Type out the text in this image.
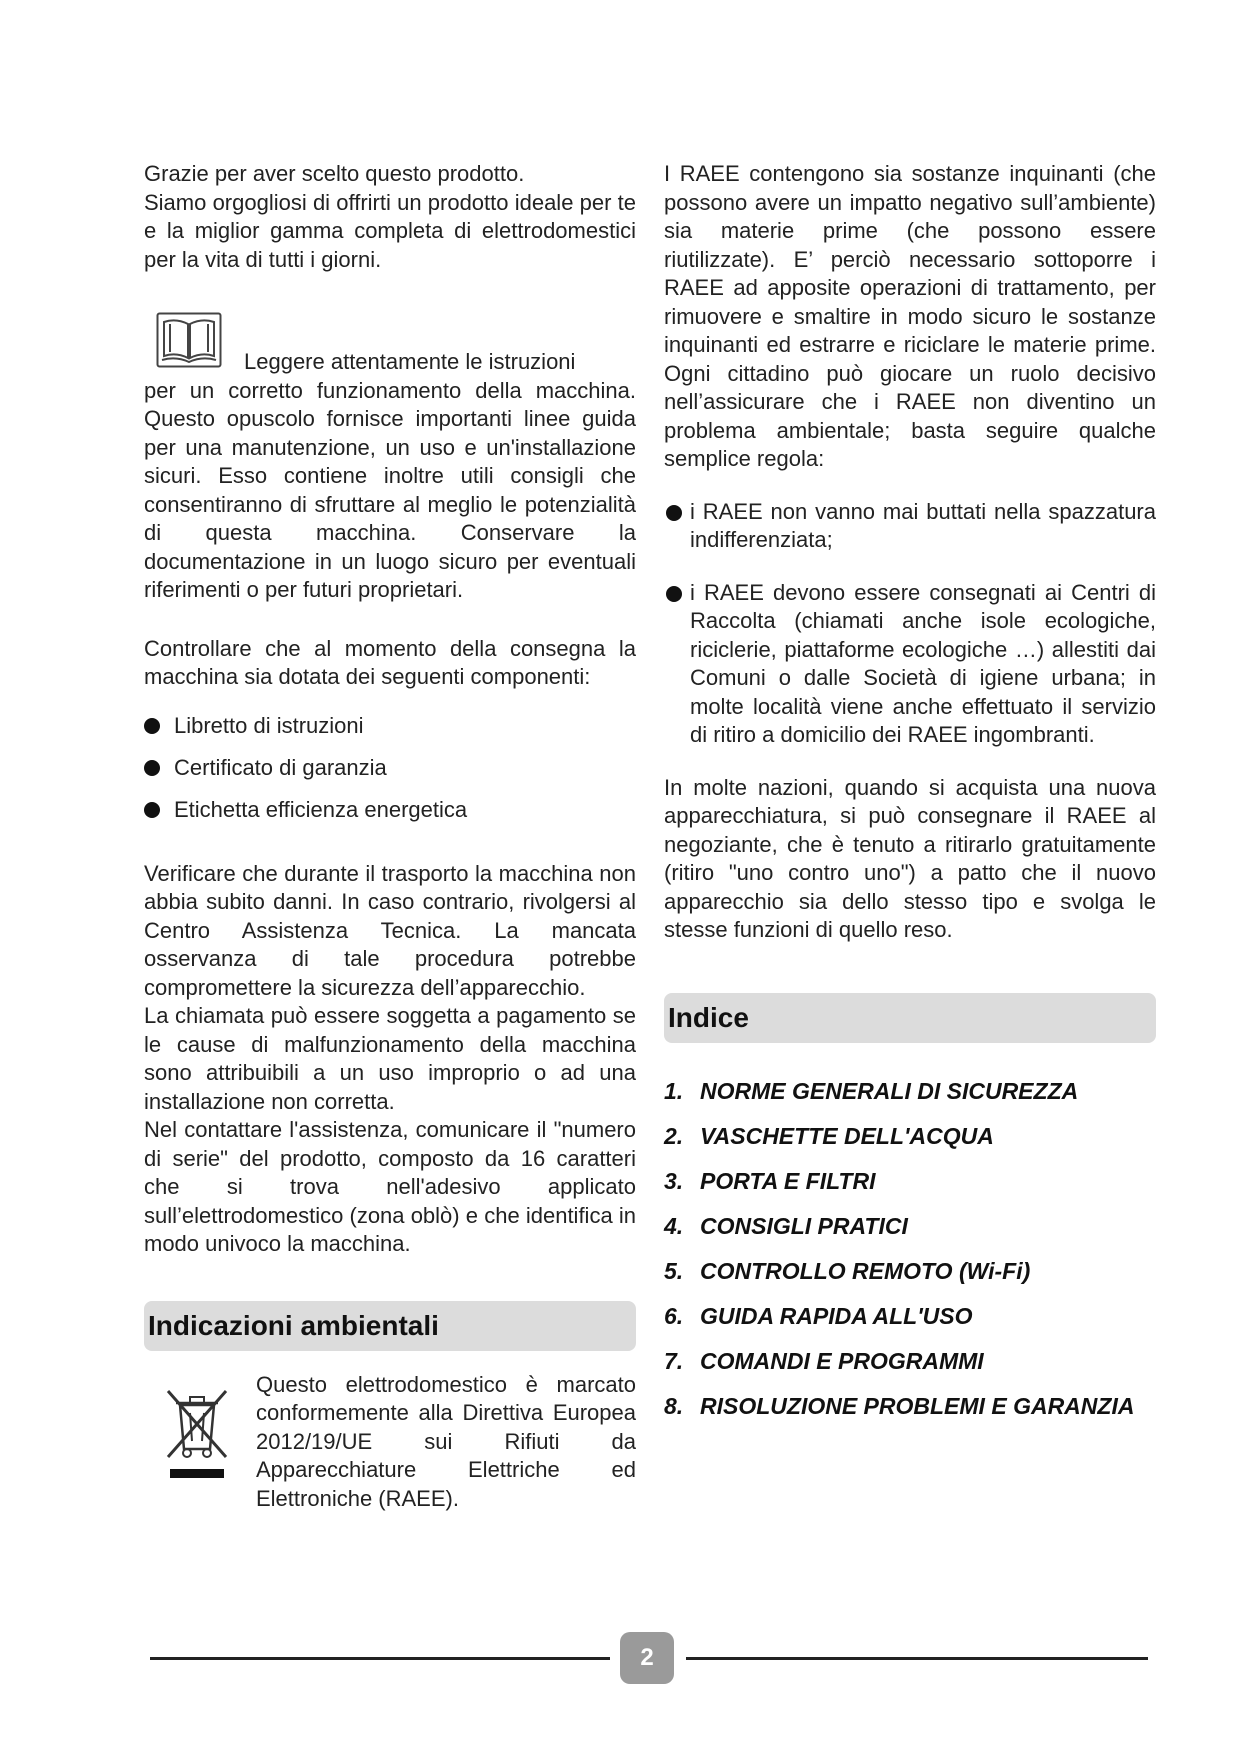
Grazie per aver scelto questo prodotto.

Siamo orgogliosi di offrirti un prodotto ideale per te e la miglior gamma completa di elettrodomestici per la vita di tutti i giorni.

Leggere attentamente le istruzioni

per un corretto funzionamento della macchina. Questo opuscolo fornisce importanti linee guida per una manutenzione, un uso e un'installazione sicuri. Esso contiene inoltre utili consigli che consentiranno di sfruttare al meglio le potenzialità di questa macchina. Conservare la documentazione in un luogo sicuro per eventuali riferimenti o per futuri proprietari.

Controllare che al momento della consegna la macchina sia dotata dei seguenti componenti:

Libretto di istruzioni
Certificato di garanzia
Etichetta efficienza energetica

Verificare che durante il trasporto la macchina non abbia subito danni. In caso contrario, rivolgersi al Centro Assistenza Tecnica. La mancata osservanza di tale procedura potrebbe compromettere la sicurezza dell’apparecchio.

La chiamata può essere soggetta a pagamento se le cause di malfunzionamento della macchina sono attribuibili a un uso improprio o ad una installazione non corretta.

Nel contattare l'assistenza, comunicare il "numero di serie" del prodotto, composto da 16 caratteri che si trova nell'adesivo applicato sull’elettrodomestico (zona oblò) e che identifica in modo univoco la macchina.

Indicazioni ambientali

Questo elettrodomestico è marcato conformemente alla Direttiva Europea 2012/19/UE sui Rifiuti da Apparecchiature Elettriche ed Elettroniche (RAEE).

I RAEE contengono sia sostanze inquinanti (che possono avere un impatto negativo sull’ambiente) sia materie prime (che possono essere riutilizzate). E’ perciò necessario sottoporre i RAEE ad apposite operazioni di trattamento, per rimuovere e smaltire in modo sicuro le sostanze inquinanti ed estrarre e riciclare le materie prime. Ogni cittadino può giocare un ruolo decisivo nell’assicurare che i RAEE non diventino un problema ambientale; basta seguire qualche semplice regola:

i RAEE non vanno mai buttati nella spazzatura indifferenziata;
i RAEE devono essere consegnati ai Centri di Raccolta (chiamati anche isole ecologiche, riciclerie, piattaforme ecologiche …) allestiti dai Comuni o dalle Società di igiene urbana; in molte località viene anche effettuato il servizio di ritiro a domicilio dei RAEE ingombranti.

In molte nazioni, quando si acquista una nuova apparecchiatura, si può consegnare il RAEE al negoziante, che è tenuto a ritirarlo gratuitamente (ritiro "uno contro uno") a patto che il nuovo apparecchio sia dello stesso tipo e svolga le stesse funzioni di quello reso.

Indice
1. NORME GENERALI DI SICUREZZA
2. VASCHETTE DELL'ACQUA
3. PORTA E FILTRI
4. CONSIGLI PRATICI
5. CONTROLLO REMOTO (Wi-Fi)
6. GUIDA RAPIDA ALL'USO
7. COMANDI E PROGRAMMI
8. RISOLUZIONE PROBLEMI E GARANZIA
2
